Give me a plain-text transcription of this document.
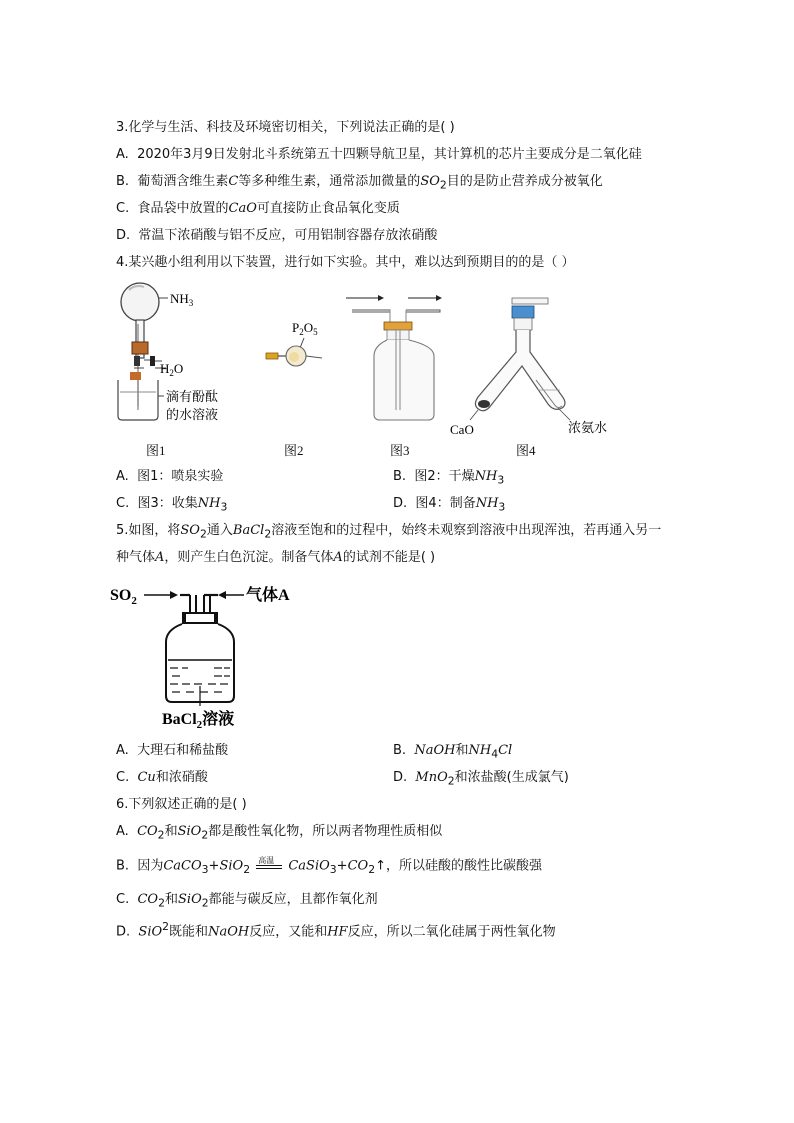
3.化学与生活、科技及环境密切相关，下列说法正确的是( )
A. 2020年3月9日发射北斗系统第五十四颗导航卫星，其计算机的芯片主要成分是二氧化硅
B. 葡萄酒含维生素C等多种维生素，通常添加微量的$SO_2$目的是防止营养成分被氧化
C. 食品袋中放置的CaO可直接防止食品氧化变质
D. 常温下浓硝酸与铝不反应，可用铝制容器存放浓硝酸
4.某兴趣小组利用以下装置，进行如下实验。其中，难以达到预期目的的是（ ）
$NH_3$
$H_2O$
滴有酚酞
的水溶液
$P_2O_5$
CaO	浓氨水
图1	图2	图3	图4
A. 图1：喷泉实验	B. 图2：干燥$NH_3$
C. 图3：收集$NH_3$	D. 图4：制备$NH_3$
5.如图，将$SO_2$通入BaCl$_2$溶液至饱和的过程中，始终未观察到溶液中出现浑浊，若再通入另一
种气体A，则产生白色沉淀。制备气体A的试剂不能是( )
$SO_2$	气体A
BaCl$_2$溶液
A. 大理石和稀盐酸	B. NaOH和$NH_4Cl$
C. Cu和浓硝酸	D. MnO$_2$和浓盐酸(生成氯气)
6.下列叙述正确的是( )
A. $CO_2$和SiO$_2$都是酸性氧化物，所以两者物理性质相似
B. 因为CaCO$_3$+SiO$_2$
高温 $CaSiO_3+CO_2↑$，所以硅酸的酸性比碳酸强
C. $CO_2$和SiO$_2$都能与碳反应，且都作氧化剂
D. SiO$^2$既能和NaOH反应，又能和HF反应，所以二氧化硅属于两性氧化物
